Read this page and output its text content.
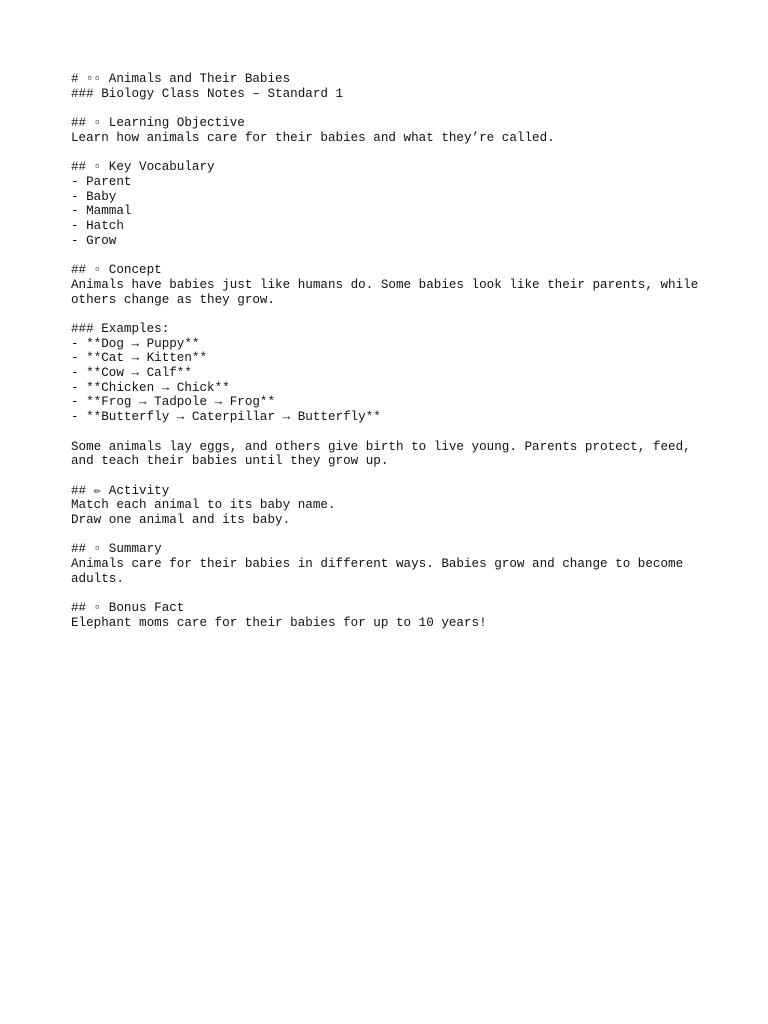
# ▫▫ Animals and Their Babies
### Biology Class Notes – Standard 1
## ▫ Learning Objective
Learn how animals care for their babies and what they’re called.
## ▫ Key Vocabulary
- Parent
- Baby
- Mammal
- Hatch
- Grow
## ▫ Concept
Animals have babies just like humans do. Some babies look like their parents, while others change as they grow.
### Examples:
- **Dog → Puppy**
- **Cat → Kitten**
- **Cow → Calf**
- **Chicken → Chick**
- **Frog → Tadpole → Frog**
- **Butterfly → Caterpillar → Butterfly**
Some animals lay eggs, and others give birth to live young. Parents protect, feed, and teach their babies until they grow up.
## ✏ Activity
Match each animal to its baby name.
Draw one animal and its baby.
## ▫ Summary
Animals care for their babies in different ways. Babies grow and change to become adults.
## ▫ Bonus Fact
Elephant moms care for their babies for up to 10 years!
